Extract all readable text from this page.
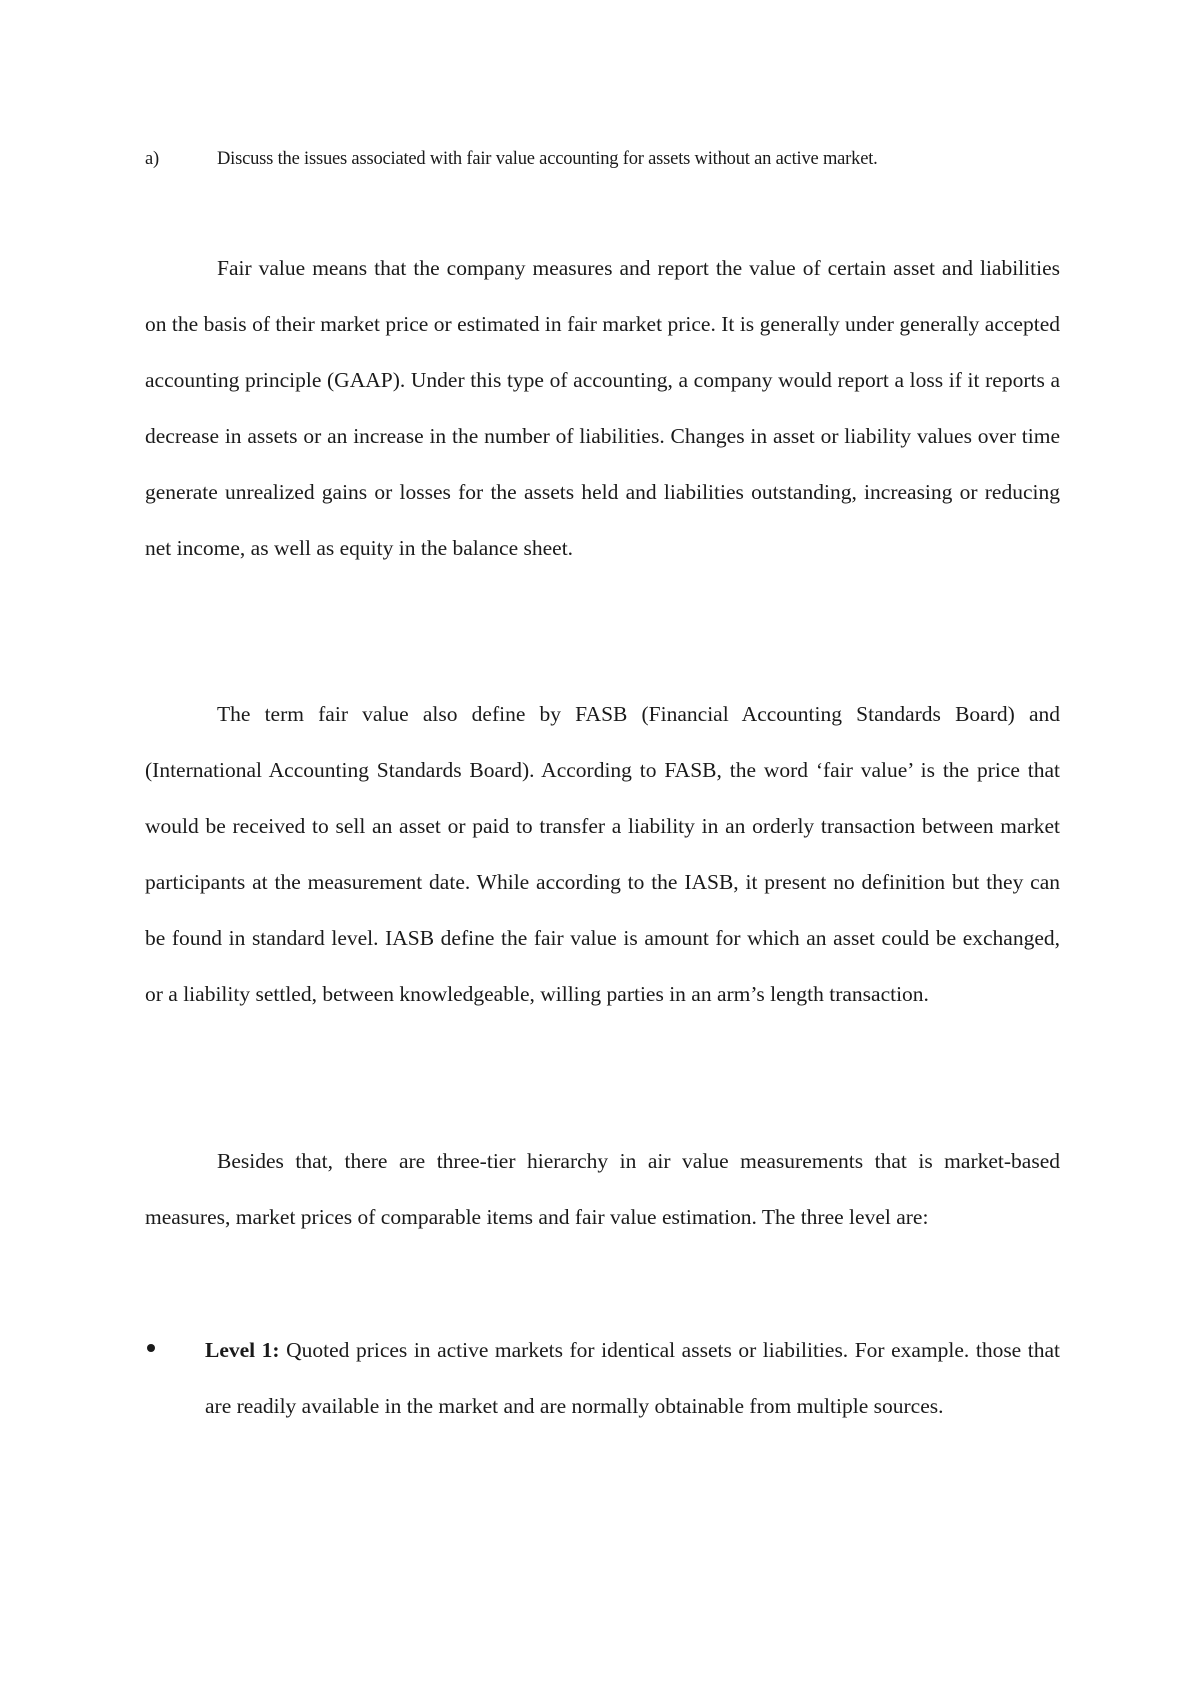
a)	Discuss the issues associated with fair value accounting for assets without an active market.

Fair value means that the company measures and report the value of certain asset and liabilities on the basis of their market price or estimated in fair market price. It is generally under generally accepted accounting principle (GAAP). Under this type of accounting, a company would report a loss if it reports a decrease in assets or an increase in the number of liabilities. Changes in asset or liability values over time generate unrealized gains or losses for the assets held and liabilities outstanding, increasing or reducing net income, as well as equity in the balance sheet.

The term fair value also define by FASB (Financial Accounting Standards Board) and (International Accounting Standards Board). According to FASB, the word ‘fair value’ is the price that would be received to sell an asset or paid to transfer a liability in an orderly transaction between market participants at the measurement date. While according to the IASB, it present no definition but they can be found in standard level. IASB define the fair value is amount for which an asset could be exchanged, or a liability settled, between knowledgeable, willing parties in an arm’s length transaction.

Besides that, there are three-tier hierarchy in air value measurements that is market-based measures, market prices of comparable items and fair value estimation. The three level are:

Level 1: Quoted prices in active markets for identical assets or liabilities. For example. those that are readily available in the market and are normally obtainable from multiple sources.
